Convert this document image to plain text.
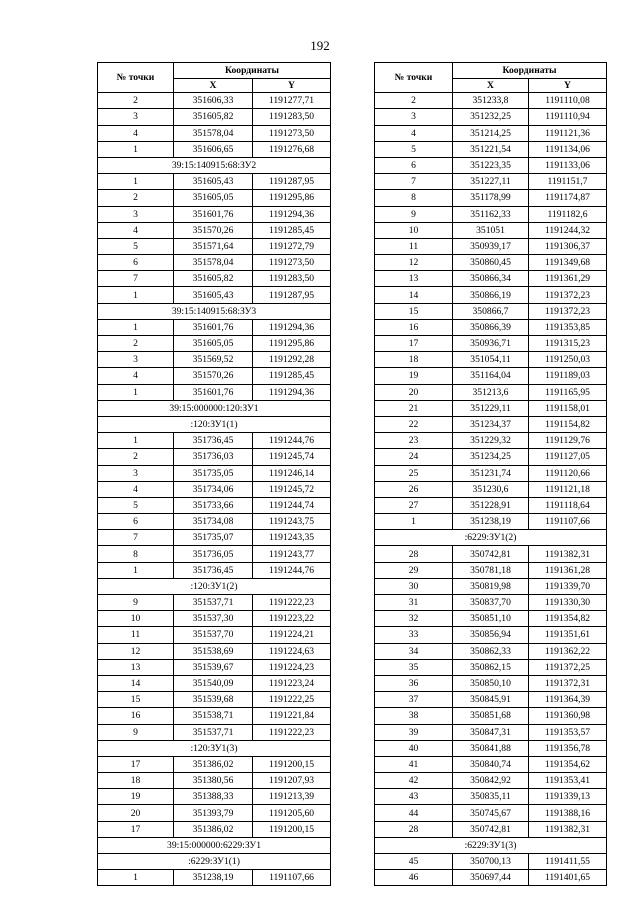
192
№ точки	Координаты	
	X	Y
2	351606,33	1191277,71
3	351605,82	1191283,50
4	351578,04	1191273,50
1	351606,65	1191276,68
39:15:140915:68:ЗУ2		
1	351605,43	1191287,95
2	351605,05	1191295,86
3	351601,76	1191294,36
4	351570,26	1191285,45
5	351571,64	1191272,79
6	351578,04	1191273,50
7	351605,82	1191283,50
1	351605,43	1191287,95
39:15:140915:68:ЗУ3		
1	351601,76	1191294,36
2	351605,05	1191295,86
3	351569,52	1191292,28
4	351570,26	1191285,45
1	351601,76	1191294,36
39:15:000000:120:ЗУ1		
:120:ЗУ1(1)		
1	351736,45	1191244,76
2	351736,03	1191245,74
3	351735,05	1191246,14
4	351734,06	1191245,72
5	351733,66	1191244,74
6	351734,08	1191243,75
7	351735,07	1191243,35
8	351736,05	1191243,77
1	351736,45	1191244,76
:120:ЗУ1(2)		
9	351537,71	1191222,23
10	351537,30	1191223,22
11	351537,70	1191224,21
12	351538,69	1191224,63
13	351539,67	1191224,23
14	351540,09	1191223,24
15	351539,68	1191222,25
16	351538,71	1191221,84
9	351537,71	1191222,23
:120:ЗУ1(3)		
17	351386,02	1191200,15
18	351380,56	1191207,93
19	351388,33	1191213,39
20	351393,79	1191205,60
17	351386,02	1191200,15
39:15:000000:6229:ЗУ1		
:6229:ЗУ1(1)		
1	351238,19	1191107,66
№ точки	Координаты	
	X	Y
2	351233,8	1191110,08
3	351232,25	1191110,94
4	351214,25	1191121,36
5	351221,54	1191134,06
6	351223,35	1191133,06
7	351227,11	1191151,7
8	351178,99	1191174,87
9	351162,33	1191182,6
10	351051	1191244,32
11	350939,17	1191306,37
12	350860,45	1191349,68
13	350866,34	1191361,29
14	350866,19	1191372,23
15	350866,7	1191372,23
16	350866,39	1191353,85
17	350936,71	1191315,23
18	351054,11	1191250,03
19	351164,04	1191189,03
20	351213,6	1191165,95
21	351229,11	1191158,01
22	351234,37	1191154,82
23	351229,32	1191129,76
24	351234,25	1191127,05
25	351231,74	1191120,66
26	351230,6	1191121,18
27	351228,91	1191118,64
1	351238,19	1191107,66
:6229:ЗУ1(2)		
28	350742,81	1191382,31
29	350781,18	1191361,28
30	350819,98	1191339,70
31	350837,70	1191330,30
32	350851,10	1191354,82
33	350856,94	1191351,61
34	350862,33	1191362,22
35	350862,15	1191372,25
36	350850,10	1191372,31
37	350845,91	1191364,39
38	350851,68	1191360,98
39	350847,31	1191353,57
40	350841,88	1191356,78
41	350840,74	1191354,62
42	350842,92	1191353,41
43	350835,11	1191339,13
44	350745,67	1191388,16
28	350742,81	1191382,31
:6229:ЗУ1(3)		
45	350700,13	1191411,55
46	350697,44	1191401,65
